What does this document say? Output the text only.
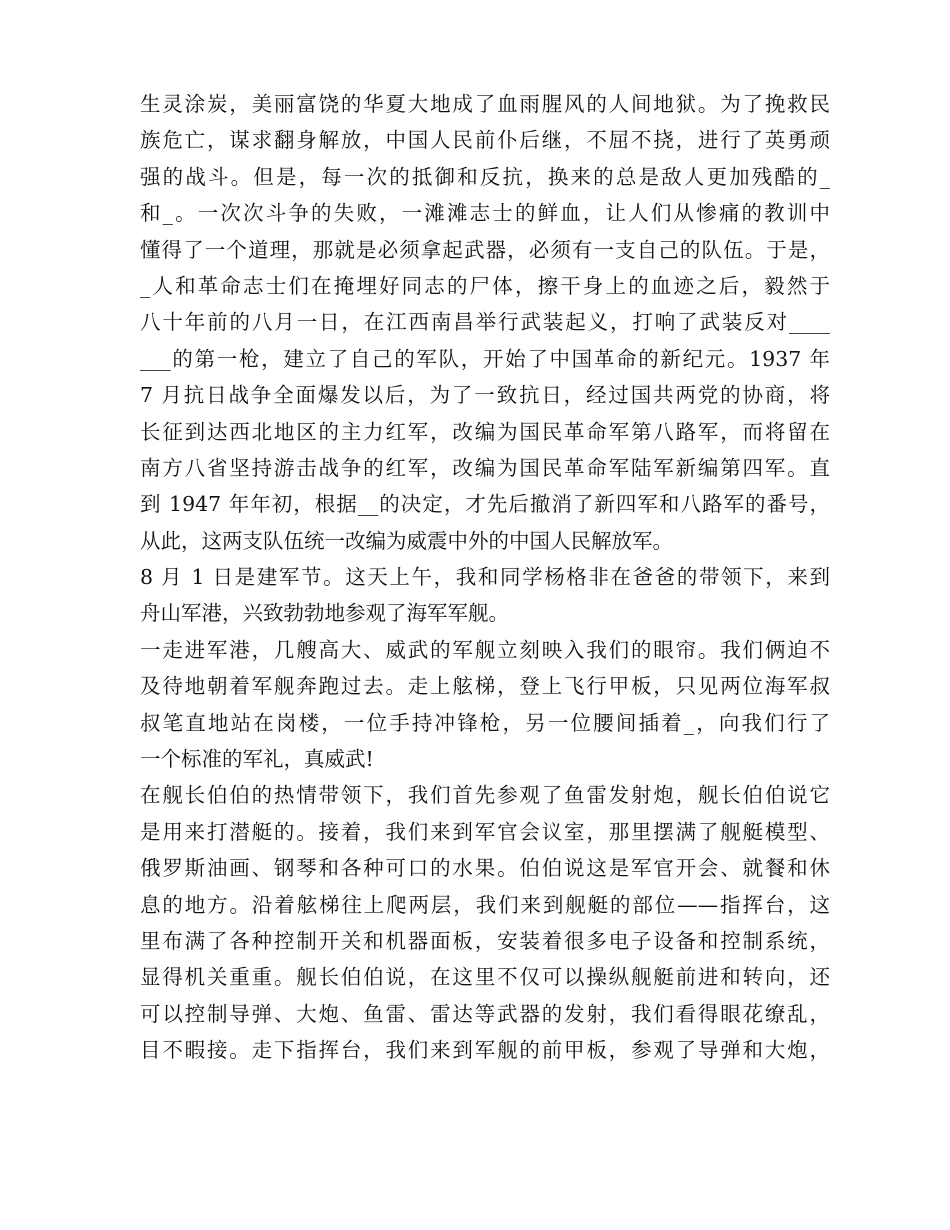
生灵涂炭，美丽富饶的华夏大地成了血雨腥风的人间地狱。为了挽救民
族危亡，谋求翻身解放，中国人民前仆后继，不屈不挠，进行了英勇顽
强的战斗。但是，每一次的抵御和反抗，换来的总是敌人更加残酷的_
和_。一次次斗争的失败，一滩滩志士的鲜血，让人们从惨痛的教训中
懂得了一个道理，那就是必须拿起武器，必须有一支自己的队伍。于是，
_人和革命志士们在掩埋好同志的尸体，擦干身上的血迹之后，毅然于
八十年前的八月一日，在江西南昌举行武装起义，打响了武装反对____
___的第一枪，建立了自己的军队，开始了中国革命的新纪元。1937 年
7 月抗日战争全面爆发以后，为了一致抗日，经过国共两党的协商，将
长征到达西北地区的主力红军，改编为国民革命军第八路军，而将留在
南方八省坚持游击战争的红军，改编为国民革命军陆军新编第四军。直
到 1947 年年初，根据__的决定，才先后撤消了新四军和八路军的番号，
从此，这两支队伍统一改编为威震中外的中国人民解放军。
8 月 1 日是建军节。这天上午，我和同学杨格非在爸爸的带领下，来到
舟山军港，兴致勃勃地参观了海军军舰。
一走进军港，几艘高大、威武的军舰立刻映入我们的眼帘。我们俩迫不
及待地朝着军舰奔跑过去。走上舷梯，登上飞行甲板，只见两位海军叔
叔笔直地站在岗楼，一位手持冲锋枪，另一位腰间插着_，向我们行了
一个标准的军礼，真威武!
在舰长伯伯的热情带领下，我们首先参观了鱼雷发射炮，舰长伯伯说它
是用来打潜艇的。接着，我们来到军官会议室，那里摆满了舰艇模型、
俄罗斯油画、钢琴和各种可口的水果。伯伯说这是军官开会、就餐和休
息的地方。沿着舷梯往上爬两层，我们来到舰艇的部位——指挥台，这
里布满了各种控制开关和机器面板，安装着很多电子设备和控制系统，
显得机关重重。舰长伯伯说，在这里不仅可以操纵舰艇前进和转向，还
可以控制导弹、大炮、鱼雷、雷达等武器的发射，我们看得眼花缭乱，
目不暇接。走下指挥台，我们来到军舰的前甲板，参观了导弹和大炮，
